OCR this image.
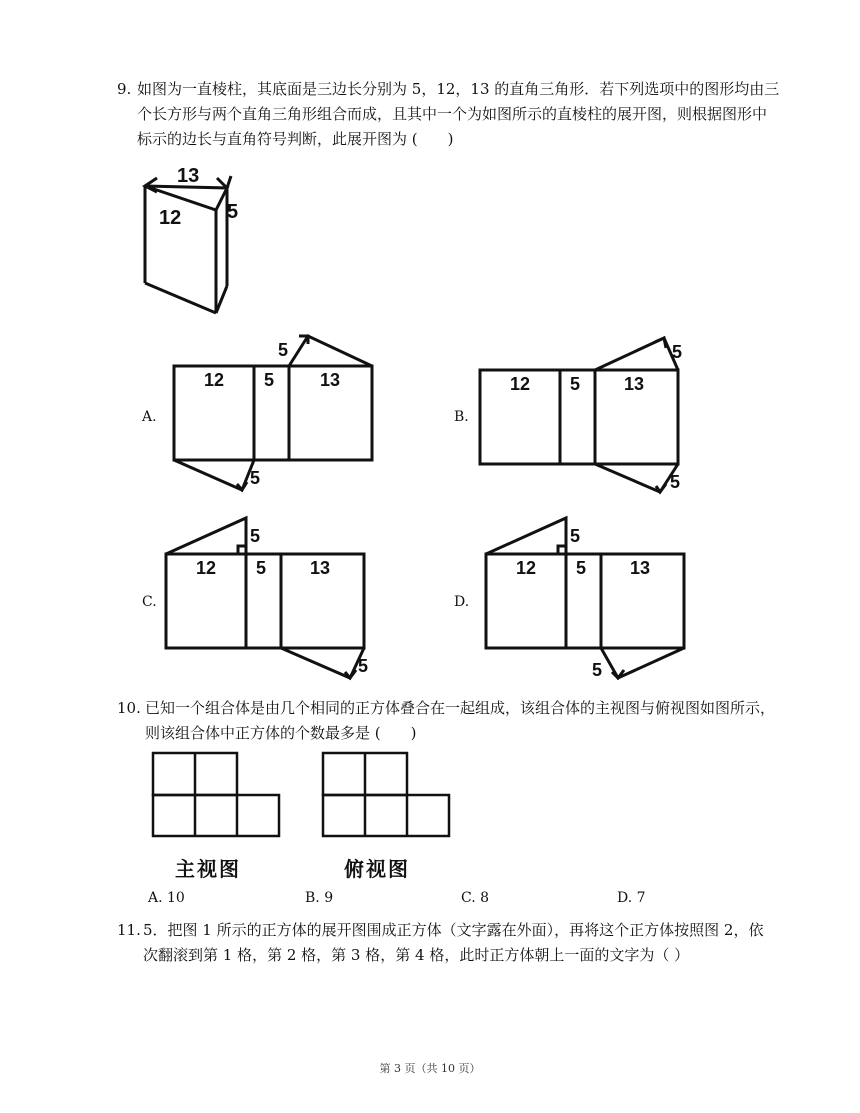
9. 如图为一直棱柱，其底面是三边长分别为 5，12，13 的直角三角形．若下列选项中的图形均由三
个长方形与两个直角三角形组合而成，且其中一个为如图所示的直棱柱的展开图，则根据图形中
标示的边长与直角符号判断，此展开图为 (　　)
13
12 5
A.
12 5	13
5
5
B.
12 5 13
5
5
C.
12 5 13
5
5
D.
12 5 13
5
5
10. 已知一个组合体是由几个相同的正方体叠合在一起组成，该组合体的主视图与俯视图如图所示，
则该组合体中正方体的个数最多是 (　　)
主视图	俯视图
A. 10	B. 9	C. 8	D. 7
11. 5．把图 1 所示的正方体的展开图围成正方体（文字露在外面），再将这个正方体按照图 2，依
次翻滚到第 1 格，第 2 格，第 3 格，第 4 格，此时正方体朝上一面的文字为（ ）
第 3 页（共 10 页）
